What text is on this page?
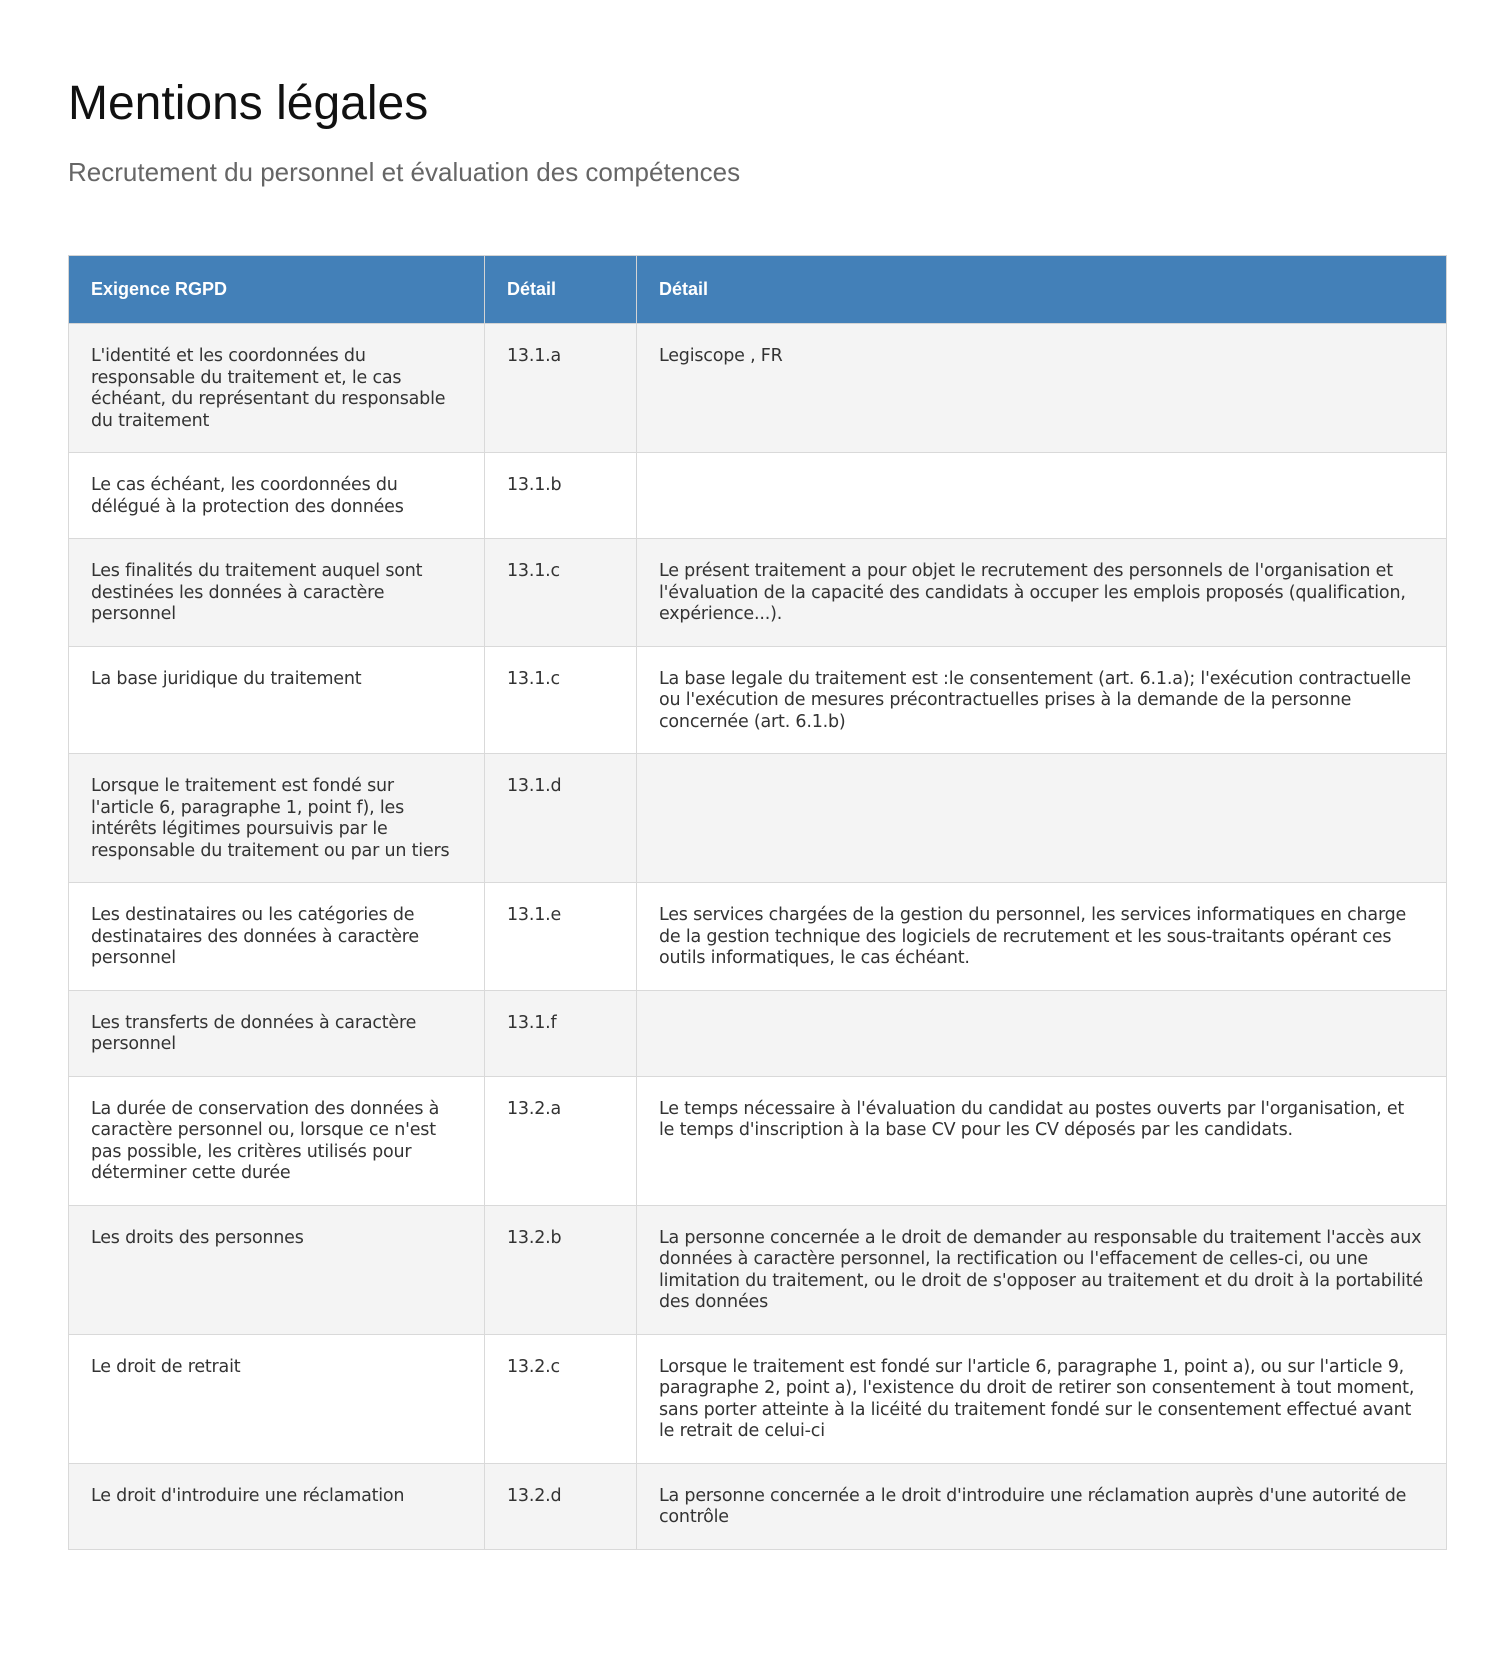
Mentions légales
Recrutement du personnel et évaluation des compétences
Exigence RGPD	Détail	Détail
L'identité et les coordonnées du responsable du traitement et, le cas échéant, du représentant du responsable du traitement	13.1.a	Legiscope , FR
Le cas échéant, les coordonnées du délégué à la protection des données	13.1.b	
Les finalités du traitement auquel sont destinées les données à caractère personnel	13.1.c	Le présent traitement a pour objet le recrutement des personnels de l'organisation et l'évaluation de la capacité des candidats à occuper les emplois proposés (qualification, expérience...).
La base juridique du traitement	13.1.c	La base legale du traitement est :le consentement (art. 6.1.a); l'exécution contractuelle ou l'exécution de mesures précontractuelles prises à la demande de la personne concernée (art. 6.1.b)
Lorsque le traitement est fondé sur l'article 6, paragraphe 1, point f), les intérêts légitimes poursuivis par le responsable du traitement ou par un tiers	13.1.d	
Les destinataires ou les catégories de destinataires des données à caractère personnel	13.1.e	Les services chargées de la gestion du personnel, les services informatiques en charge de la gestion technique des logiciels de recrutement et les sous-traitants opérant ces outils informatiques, le cas échéant.
Les transferts de données à caractère personnel	13.1.f	
La durée de conservation des données à caractère personnel ou, lorsque ce n'est pas possible, les critères utilisés pour déterminer cette durée	13.2.a	Le temps nécessaire à l'évaluation du candidat au postes ouverts par l'organisation, et le temps d'inscription à la base CV pour les CV déposés par les candidats.
Les droits des personnes	13.2.b	La personne concernée a le droit de demander au responsable du traitement l'accès aux données à caractère personnel, la rectification ou l'effacement de celles-ci, ou une limitation du traitement, ou le droit de s'opposer au traitement et du droit à la portabilité des données
Le droit de retrait	13.2.c	Lorsque le traitement est fondé sur l'article 6, paragraphe 1, point a), ou sur l'article 9, paragraphe 2, point a), l'existence du droit de retirer son consentement à tout moment, sans porter atteinte à la licéité du traitement fondé sur le consentement effectué avant le retrait de celui-ci
Le droit d'introduire une réclamation	13.2.d	La personne concernée a le droit d'introduire une réclamation auprès d'une autorité de contrôle
